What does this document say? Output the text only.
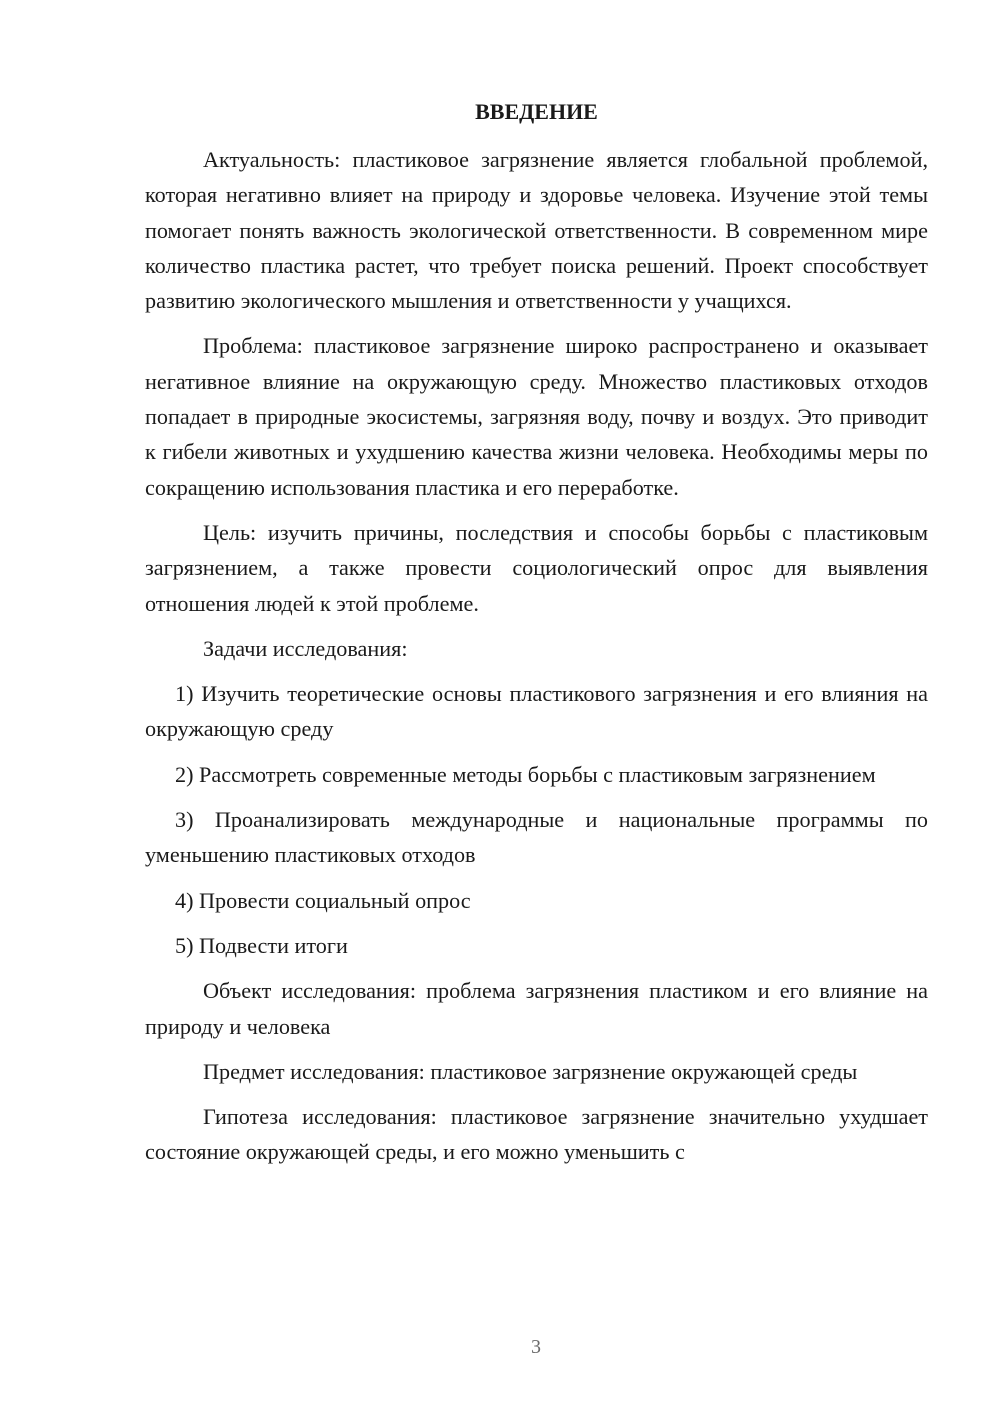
ВВЕДЕНИЕ

Актуальность: пластиковое загрязнение является глобальной проблемой, которая негативно влияет на природу и здоровье человека. Изучение этой темы помогает понять важность экологической ответственности. В современном мире количество пластика растет, что требует поиска решений. Проект способствует развитию экологического мышления и ответственности у учащихся.

Проблема: пластиковое загрязнение широко распространено и оказывает негативное влияние на окружающую среду. Множество пластиковых отходов попадает в природные экосистемы, загрязняя воду, почву и воздух. Это приводит к гибели животных и ухудшению качества жизни человека. Необходимы меры по сокращению использования пластика и его переработке.

Цель: изучить причины, последствия и способы борьбы с пластиковым загрязнением, а также провести социологический опрос для выявления отношения людей к этой проблеме.

Задачи исследования:

1) Изучить теоретические основы пластикового загрязнения и его влияния на окружающую среду

2) Рассмотреть современные методы борьбы с пластиковым загрязнением

3) Проанализировать международные и национальные программы по уменьшению пластиковых отходов

4) Провести социальный опрос

5) Подвести итоги

Объект исследования: проблема загрязнения пластиком и его влияние на природу и человека

Предмет исследования: пластиковое загрязнение окружающей среды

Гипотеза исследования: пластиковое загрязнение значительно ухудшает состояние окружающей среды, и его можно уменьшить с

3
